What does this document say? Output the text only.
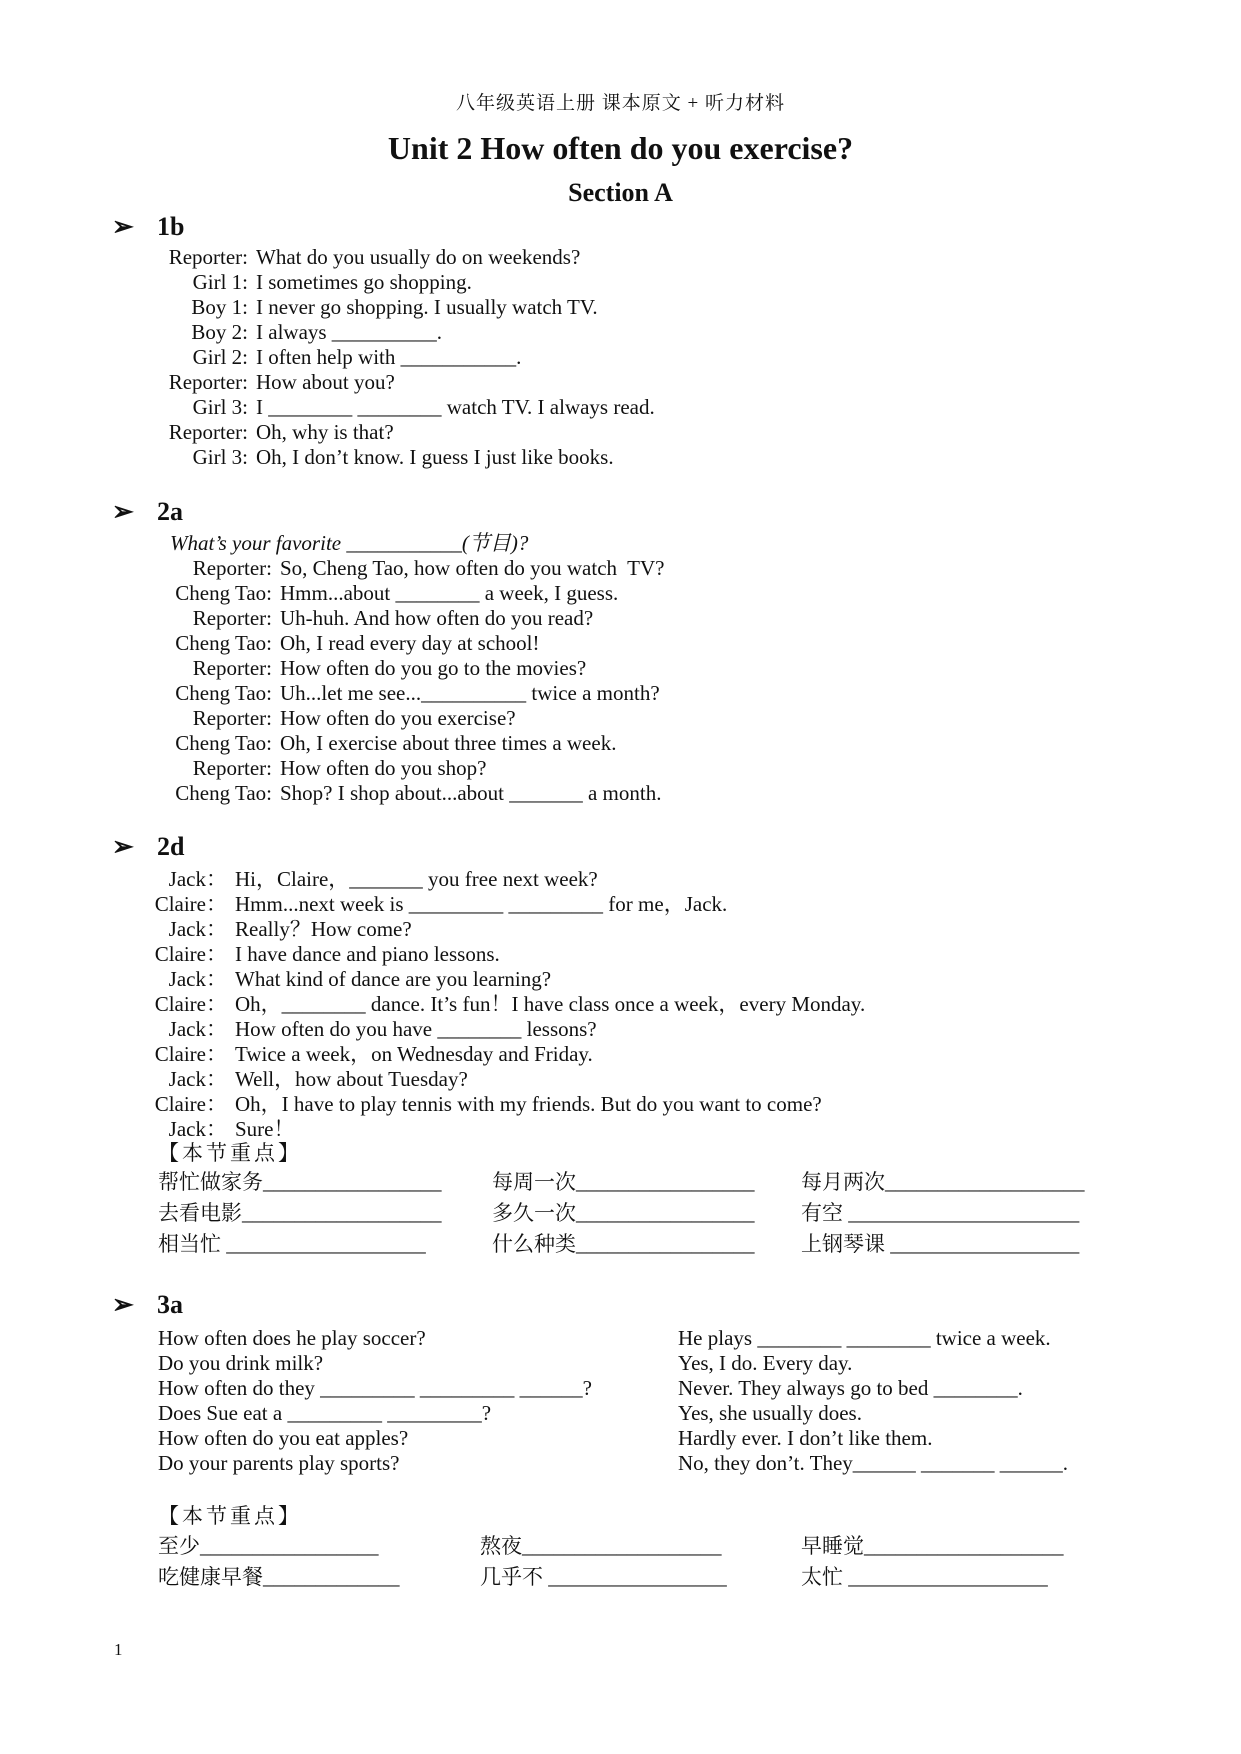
八年级英语上册 课本原文 + 听力材料
Unit 2 How often do you exercise?
Section A
➢ 1b
Reporter: What do you usually do on weekends?
Girl 1: I sometimes go shopping.
Boy 1: I never go shopping. I usually watch TV.
Boy 2: I always __________.
Girl 2: I often help with ___________.
Reporter: How about you?
Girl 3: I ________ ________ watch TV. I always read.
Reporter: Oh, why is that?
Girl 3: Oh, I don’t know. I guess I just like books.
➢ 2a
What’s your favorite ___________(节目)?
Reporter: So, Cheng Tao, how often do you watch  TV?
Cheng Tao: Hmm...about ________ a week, I guess.
Reporter: Uh-huh. And how often do you read?
Cheng Tao: Oh, I read every day at school!
Reporter: How often do you go to the movies?
Cheng Tao: Uh...let me see...__________ twice a month?
Reporter: How often do you exercise?
Cheng Tao: Oh, I exercise about three times a week.
Reporter: How often do you shop?
Cheng Tao: Shop? I shop about...about _______ a month.
➢ 2d
Jack： Hi，Claire，_______ you free next week?
Claire： Hmm...next week is _________ _________ for me，Jack.
Jack： Really？How come?
Claire： I have dance and piano lessons.
Jack： What kind of dance are you learning?
Claire： Oh，________ dance. It’s fun！I have class once a week，every Monday.
Jack： How often do you have ________ lessons?
Claire： Twice a week，on Wednesday and Friday.
Jack： Well，how about Tuesday?
Claire： Oh，I have to play tennis with my friends. But do you want to come?
Jack： Sure！
【本节重点】
帮忙做家务_________________ 每周一次_________________ 每月两次___________________
去看电影___________________ 多久一次_________________ 有空 ______________________
相当忙 ___________________	什么种类_________________ 上钢琴课 __________________
➢ 3a
How often does he play soccer?	He plays ________ ________ twice a week.
Do you drink milk?	Yes, I do. Every day.
How often do they _________ _________ ______?	Never. They always go to bed ________.
Does Sue eat a _________ _________?	Yes, she usually does.
How often do you eat apples?	Hardly ever. I don’t like them.
Do your parents play sports?	No, they don’t. They______ _______ ______.
【本节重点】
至少_________________	熬夜___________________	早睡觉___________________
吃健康早餐_____________	几乎不 _________________	太忙 ___________________
1
